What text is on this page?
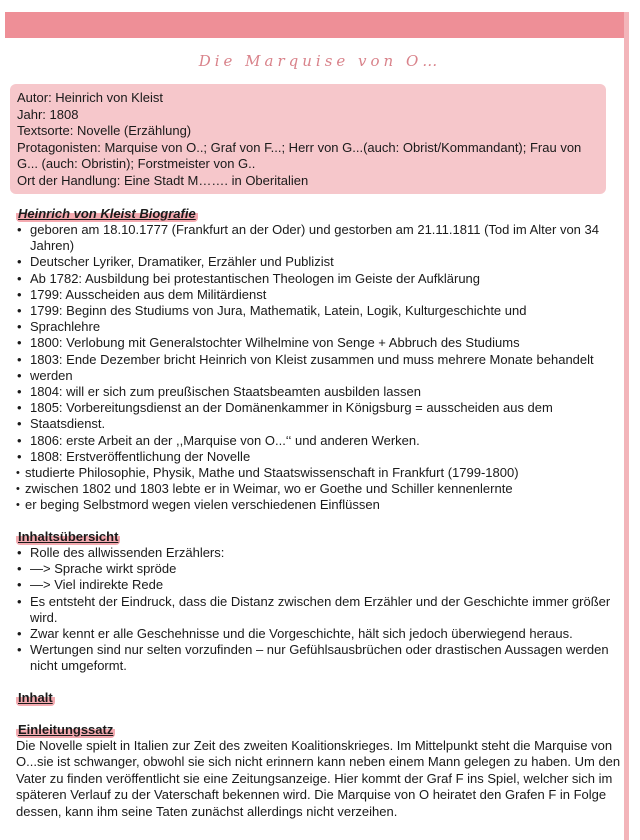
Die Marquise von O…
Autor: Heinrich von Kleist
Jahr: 1808
Textsorte: Novelle (Erzählung)
Protagonisten: Marquise von O..; Graf von F...; Herr von G...(auch: Obrist/Kommandant); Frau von
G... (auch: Obristin); Forstmeister von G..
Ort der Handlung: Eine Stadt M……. in Oberitalien
Heinrich von Kleist Biografie
• geboren am 18.10.1777 (Frankfurt an der Oder) und gestorben am 21.11.1811 (Tod im Alter von 34 Jahren)
• Deutscher Lyriker, Dramatiker, Erzähler und Publizist
• Ab 1782: Ausbildung bei protestantischen Theologen im Geiste der Aufklärung
• 1799: Ausscheiden aus dem Militärdienst
• 1799: Beginn des Studiums von Jura, Mathematik, Latein, Logik, Kulturgeschichte und
• Sprachlehre
• 1800: Verlobung mit Generalstochter Wilhelmine von Senge + Abbruch des Studiums
• 1803: Ende Dezember bricht Heinrich von Kleist zusammen und muss mehrere Monate behandelt
• werden
• 1804: will er sich zum preußischen Staatsbeamten ausbilden lassen
• 1805: Vorbereitungsdienst an der Domänenkammer in Königsburg = ausscheiden aus dem
• Staatsdienst.
• 1806: erste Arbeit an der ,,Marquise von O...‘‘ und anderen Werken.
• 1808: Erstveröffentlichung der Novelle
• studierte Philosophie, Physik, Mathe und Staatswissenschaft in Frankfurt (1799-1800)
• zwischen 1802 und 1803 lebte er in Weimar, wo er Goethe und Schiller kennenlernte
• er beging Selbstmord wegen vielen verschiedenen Einflüssen
Inhaltsübersicht
• Rolle des allwissenden Erzählers:
• —> Sprache wirkt spröde
• —> Viel indirekte Rede
• Es entsteht der Eindruck, dass die Distanz zwischen dem Erzähler und der Geschichte immer größer wird.
• Zwar kennt er alle Geschehnisse und die Vorgeschichte, hält sich jedoch überwiegend heraus.
• Wertungen sind nur selten vorzufinden – nur Gefühlsausbrüchen oder drastischen Aussagen werden nicht umgeformt.
Inhalt
Einleitungssatz
Die Novelle spielt in Italien zur Zeit des zweiten Koalitionskrieges. Im Mittelpunkt steht die Marquise von O...sie ist schwanger, obwohl sie sich nicht erinnern kann neben einem Mann gelegen zu haben. Um den Vater zu finden veröffentlicht sie eine Zeitungsanzeige. Hier kommt der Graf F ins Spiel, welcher sich im späteren Verlauf zu der Vaterschaft bekennen wird. Die Marquise von O heiratet den Grafen F in Folge dessen, kann ihm seine Taten zunächst allerdings nicht verzeihen.
